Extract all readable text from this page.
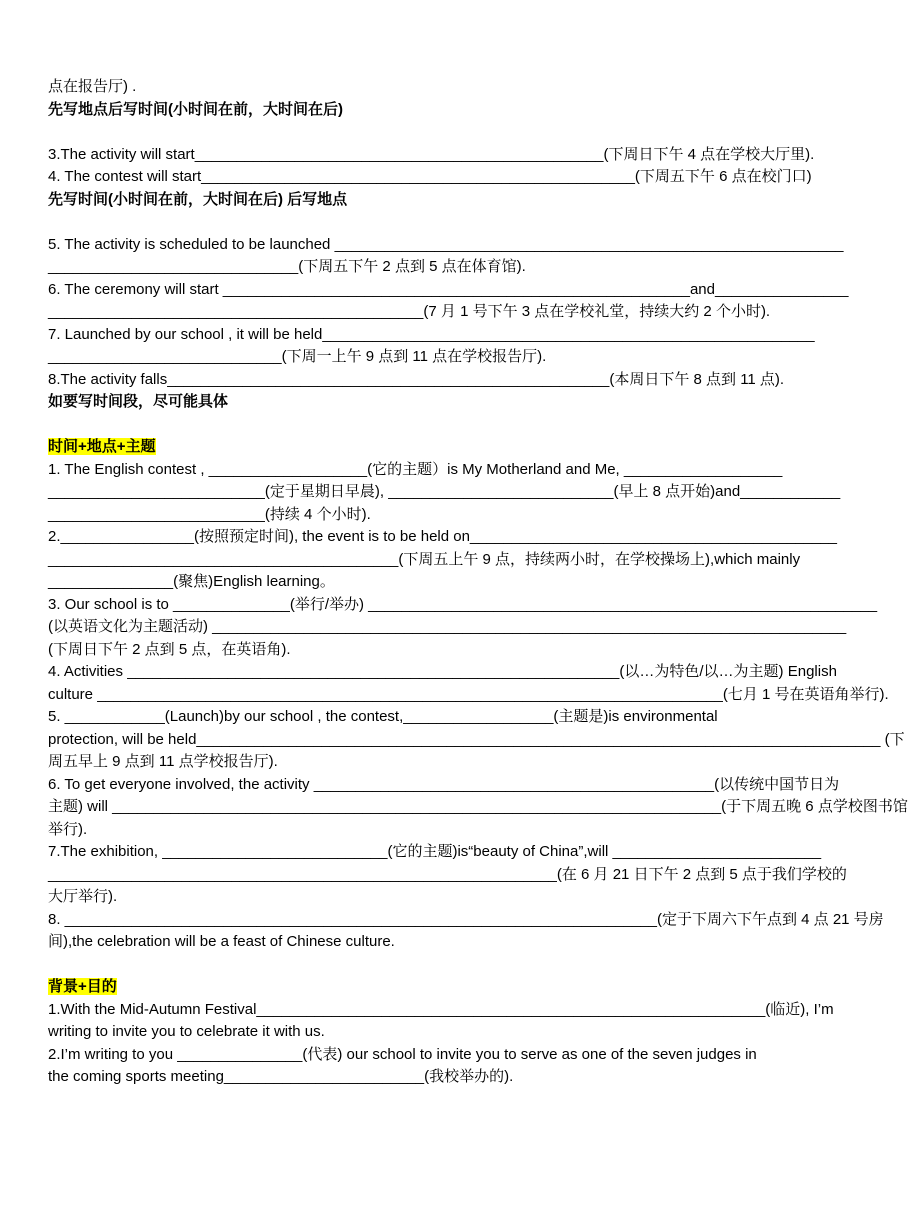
点在报告厅) .

先写地点后写时间(小时间在前，大时间在后)

3.The activity will start_________________________________________________(下周日下午 4 点在学校大厅里).

4. The contest will start____________________________________________________(下周五下午 6 点在校门口)

先写时间(小时间在前，大时间在后) 后写地点

5. The activity is scheduled to be launched _____________________________________________________________

______________________________(下周五下午 2 点到 5 点在体育馆).

6. The ceremony will start ________________________________________________________and________________

_____________________________________________(7 月 1 号下午 3 点在学校礼堂，持续大约 2 个小时).

7. Launched by our school , it will be held___________________________________________________________

____________________________(下周一上午 9 点到 11 点在学校报告厅).

8.The activity falls_____________________________________________________(本周日下午 8 点到 11 点).

如要写时间段，尽可能具体

时间+地点+主题

1. The English contest , ___________________(它的主题）is My Motherland and Me, ___________________

__________________________(定于星期日早晨), ___________________________(早上 8 点开始)and____________

__________________________(持续 4 个小时).

2.________________(按照预定时间), the event is to be held on____________________________________________

__________________________________________(下周五上午 9 点，持续两小时，在学校操场上),which mainly

_______________(聚焦)English learning。

3. Our school is to ______________(举行/举办) _____________________________________________________________

(以英语文化为主题活动) ____________________________________________________________________________

(下周日下午 2 点到 5 点，在英语角).

4. Activities ___________________________________________________________(以…为特色/以…为主题) English

culture ___________________________________________________________________________(七月 1 号在英语角举行).

5. ____________(Launch)by our school , the contest,__________________(主题是)is environmental

protection, will be held__________________________________________________________________________________ (下

周五早上 9 点到 11 点学校报告厅).

6. To get everyone involved, the activity ________________________________________________(以传统中国节日为

主题) will _________________________________________________________________________(于下周五晚 6 点学校图书馆

举行).

7.The exhibition, ___________________________(它的主题)is“beauty of China”,will _________________________

_____________________________________________________________(在 6 月 21 日下午 2 点到 5 点于我们学校的

大厅举行).

8. _______________________________________________________________________(定于下周六下午点到 4 点 21 号房

间),the celebration will be a feast of Chinese culture.

背景+目的

1.With the Mid-Autumn Festival_____________________________________________________________(临近), I’m

writing to invite you to celebrate it with us.

2.I’m writing to you _______________(代表) our school to invite you to serve as one of the seven judges in

the coming sports meeting________________________(我校举办的).
